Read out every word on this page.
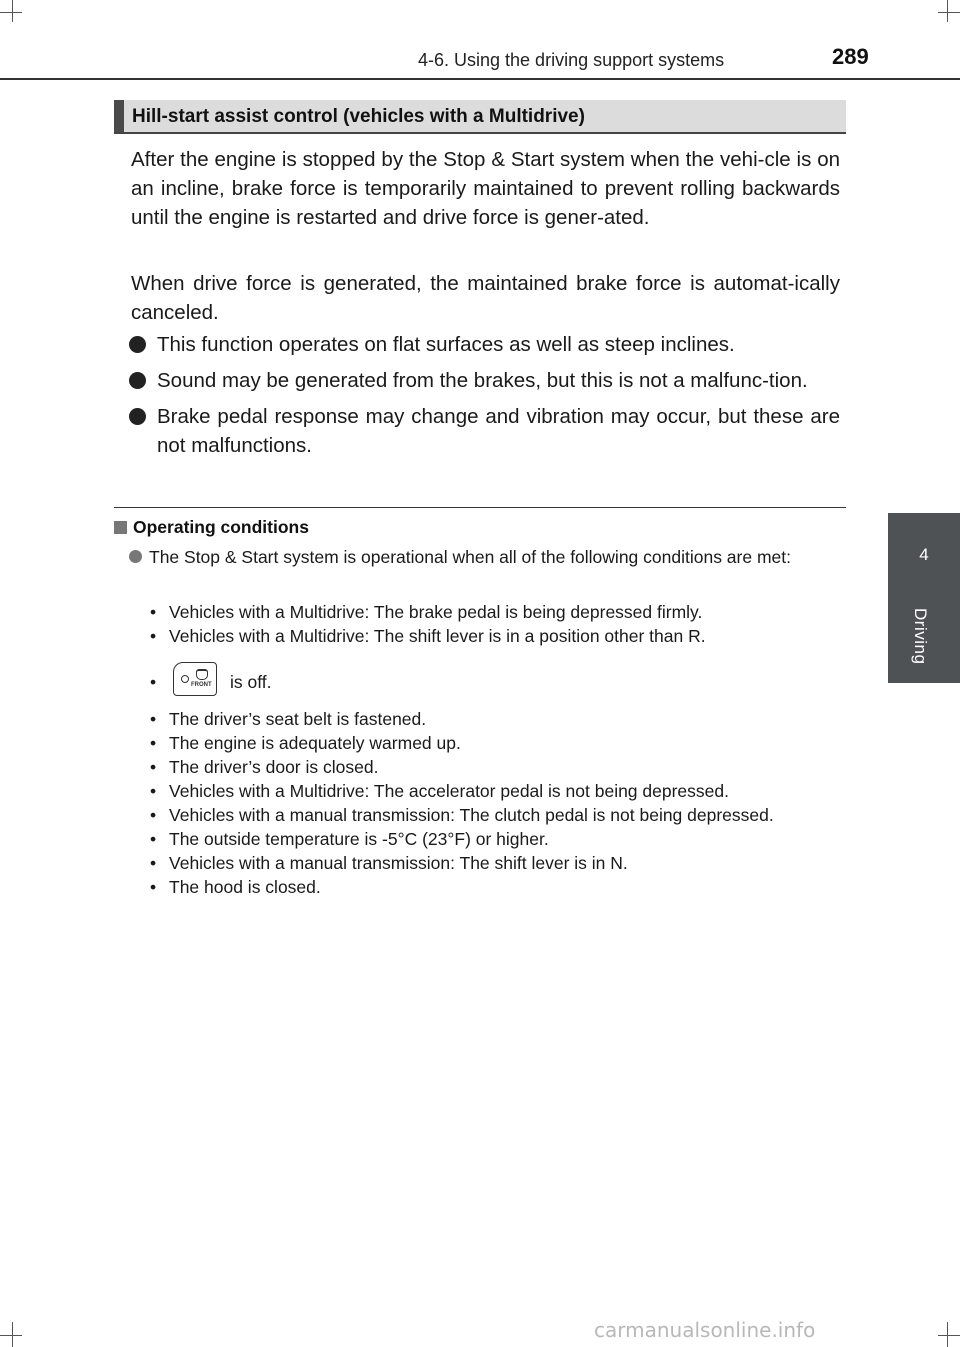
4-6. Using the driving support systems	289
4
Driving
Hill-start assist control (vehicles with a Multidrive)
After the engine is stopped by the Stop & Start system when the vehi-cle is on an incline, brake force is temporarily maintained to prevent rolling backwards until the engine is restarted and drive force is gener-ated.
When drive force is generated, the maintained brake force is automat-ically canceled.
This function operates on flat surfaces as well as steep inclines.
Sound may be generated from the brakes, but this is not a malfunc-tion.
Brake pedal response may change and vibration may occur, but these are not malfunctions.
Operating conditions
The Stop & Start system is operational when all of the following conditions are met:
• Vehicles with a Multidrive: The brake pedal is being depressed firmly.
• Vehicles with a Multidrive: The shift lever is in a position other than R.
•	FRONT is off.
• The driver’s seat belt is fastened.
• The engine is adequately warmed up.
• The driver’s door is closed.
• Vehicles with a Multidrive: The accelerator pedal is not being depressed.
• Vehicles with a manual transmission: The clutch pedal is not being depressed.
• The outside temperature is -5°C (23°F) or higher.
• Vehicles with a manual transmission: The shift lever is in N.
• The hood is closed.
carmanualsonline.info
